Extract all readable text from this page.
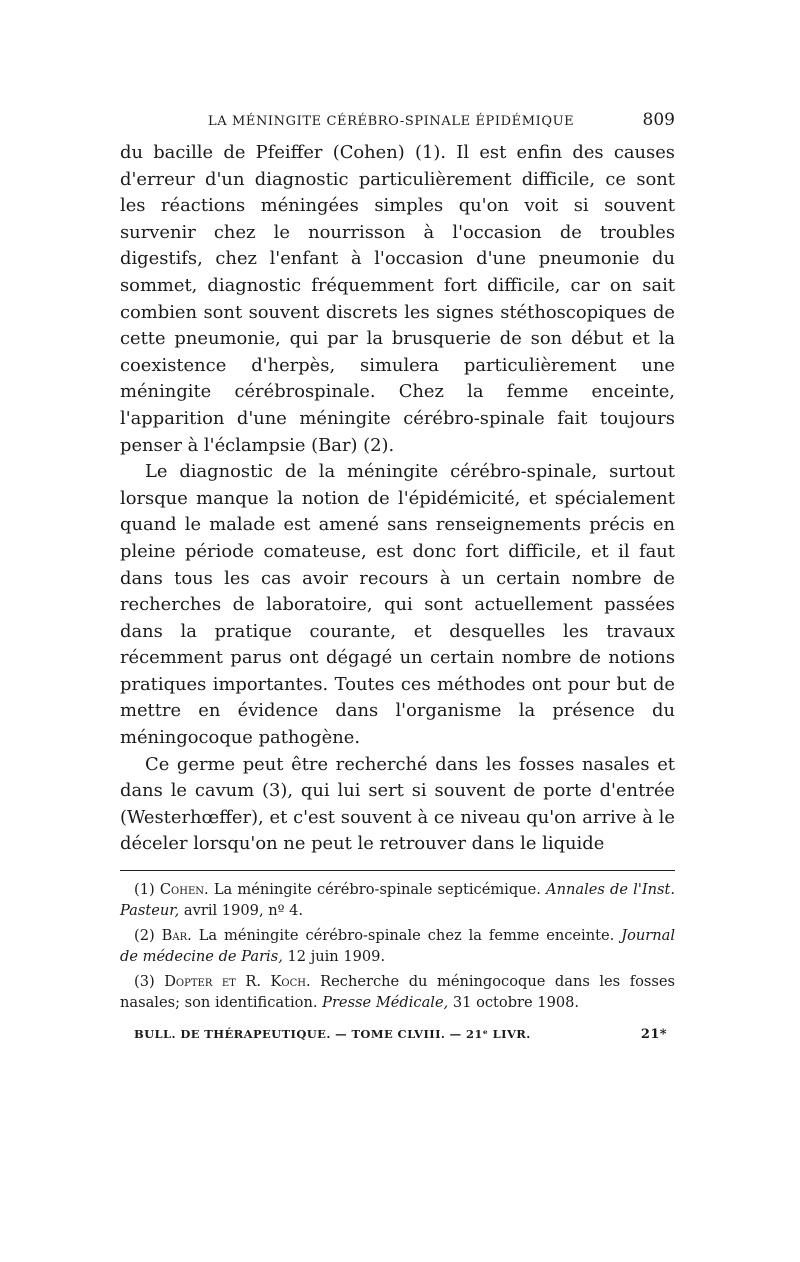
LA MÉNINGITE CÉRÉBRO-SPINALE ÉPIDÉMIQUE	809

du bacille de Pfeiffer (Cohen) (1). Il est enfin des causes d'erreur d'un diagnostic particulièrement difficile, ce sont les réactions méningées simples qu'on voit si souvent survenir chez le nourrisson à l'occasion de troubles digestifs, chez l'enfant à l'occasion d'une pneumonie du sommet, diagnostic fréquemment fort difficile, car on sait combien sont souvent discrets les signes stéthoscopiques de cette pneumonie, qui par la brusquerie de son début et la coexistence d'herpès, simulera particulièrement une méningite cérébrospinale. Chez la femme enceinte, l'apparition d'une méningite cérébro-spinale fait toujours penser à l'éclampsie (Bar) (2).

Le diagnostic de la méningite cérébro-spinale, surtout lorsque manque la notion de l'épidémicité, et spécialement quand le malade est amené sans renseignements précis en pleine période comateuse, est donc fort difficile, et il faut dans tous les cas avoir recours à un certain nombre de recherches de laboratoire, qui sont actuellement passées dans la pratique courante, et desquelles les travaux récemment parus ont dégagé un certain nombre de notions pratiques importantes. Toutes ces méthodes ont pour but de mettre en évidence dans l'organisme la présence du méningocoque pathogène.

Ce germe peut être recherché dans les fosses nasales et dans le cavum (3), qui lui sert si souvent de porte d'entrée (Westerhœffer), et c'est souvent à ce niveau qu'on arrive à le déceler lorsqu'on ne peut le retrouver dans le liquide

(1) Cohen. La méningite cérébro-spinale septicémique. Annales de l'Inst. Pasteur, avril 1909, nº 4.

(2) Bar. La méningite cérébro-spinale chez la femme enceinte. Journal de médecine de Paris, 12 juin 1909.

(3) Dopter et R. Koch. Recherche du méningocoque dans les fosses nasales; son identification. Presse Médicale, 31 octobre 1908.

BULL. DE THÉRAPEUTIQUE. — TOME CLVIII. — 21ᵉ LIVR.	21*
